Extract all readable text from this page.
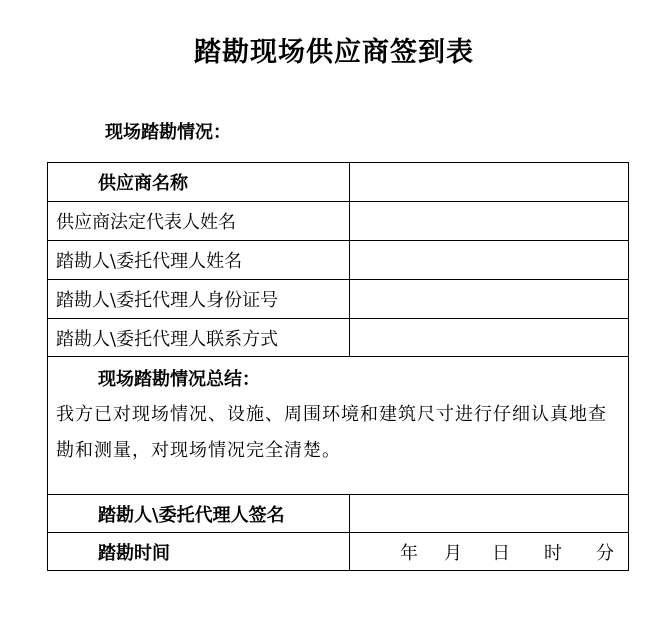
踏勘现场供应商签到表
现场踏勘情况：
供应商名称	
供应商法定代表人姓名	
踏勘人\委托代理人姓名	
踏勘人\委托代理人身份证号	
踏勘人\委托代理人联系方式	

现场踏勘情况总结：
我方已对现场情况、设施、周围环境和建筑尺寸进行仔细认真地查勘和测量，对现场情况完全清楚。	

踏勘人\委托代理人签名	
踏勘时间	年 月 日 时 分
